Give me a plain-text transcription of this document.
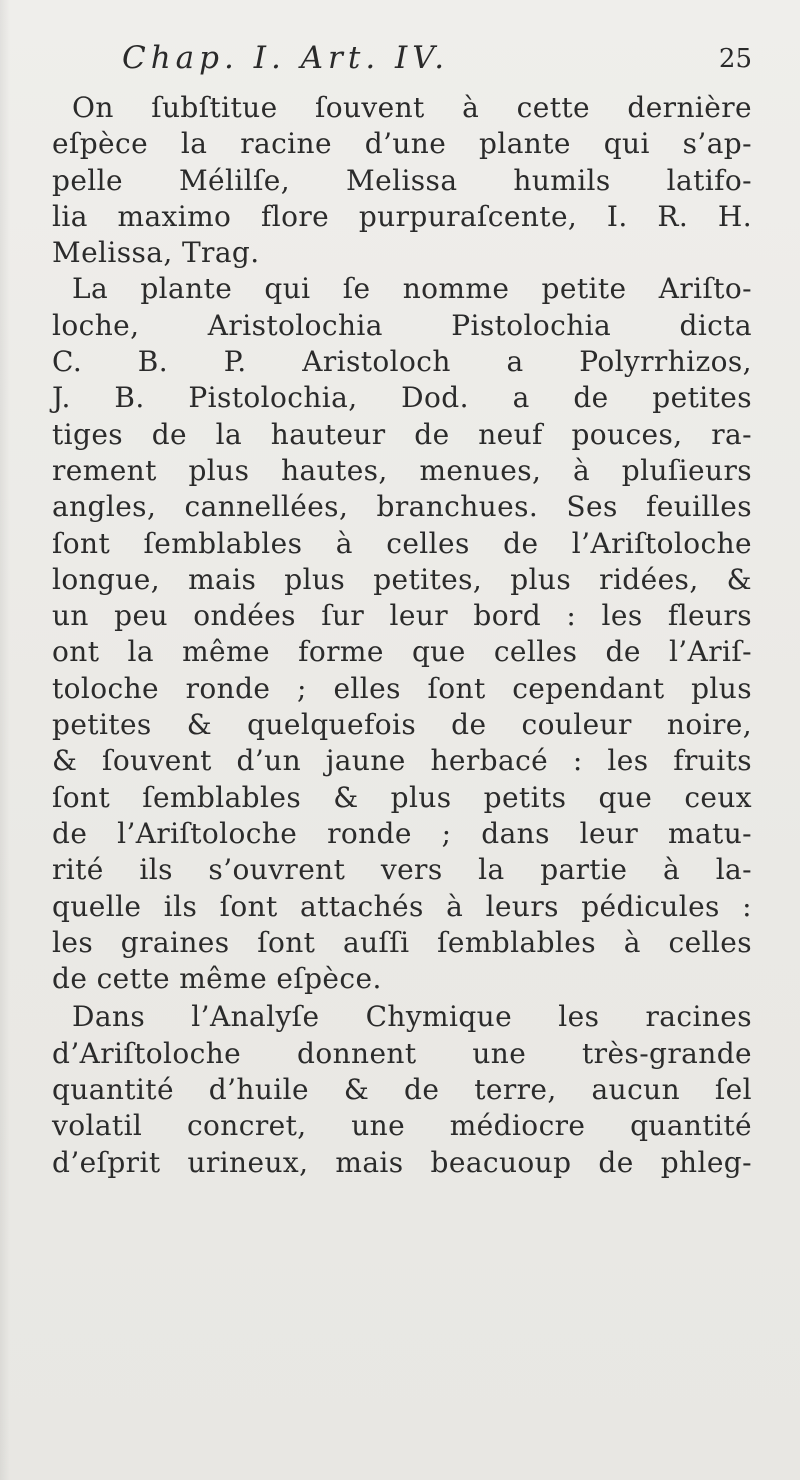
Chap. I. Art. IV.	25
On ſubſtitue ſouvent à cette dernière
eſpèce la racine d’une plante qui s’ap-
pelle Mélilſe, Melissa humils latifo-
lia maximo flore purpuraſcente, I. R. H.
Melissa, Trag.
La plante qui ſe nomme petite Ariſto-
loche, Aristolochia Pistolochia dicta
C. B. P. Aristoloch a Polyrrhizos,
J. B. Pistolochia, Dod. a de petites
tiges de la hauteur de neuf pouces, ra-
rement plus hautes, menues, à pluſieurs
angles, cannellées, branchues. Ses feuilles
ſont ſemblables à celles de l’Ariſtoloche
longue, mais plus petites, plus ridées, &
un peu ondées ſur leur bord : les fleurs
ont la même forme que celles de l’Ariſ-
toloche ronde ; elles ſont cependant plus
petites & quelquefois de couleur noire,
& ſouvent d’un jaune herbacé : les fruits
ſont ſemblables & plus petits que ceux
de l’Ariſtoloche ronde ; dans leur matu-
rité ils s’ouvrent vers la partie à la-
quelle ils ſont attachés à leurs pédicules :
les graines ſont auſſi ſemblables à celles
de cette même eſpèce.
Dans l’Analyſe Chymique les racines
d’Ariſtoloche donnent une très-grande
quantité d’huile & de terre, aucun ſel
volatil concret, une médiocre quantité
d’eſprit urineux, mais beacuoup de phleg-
